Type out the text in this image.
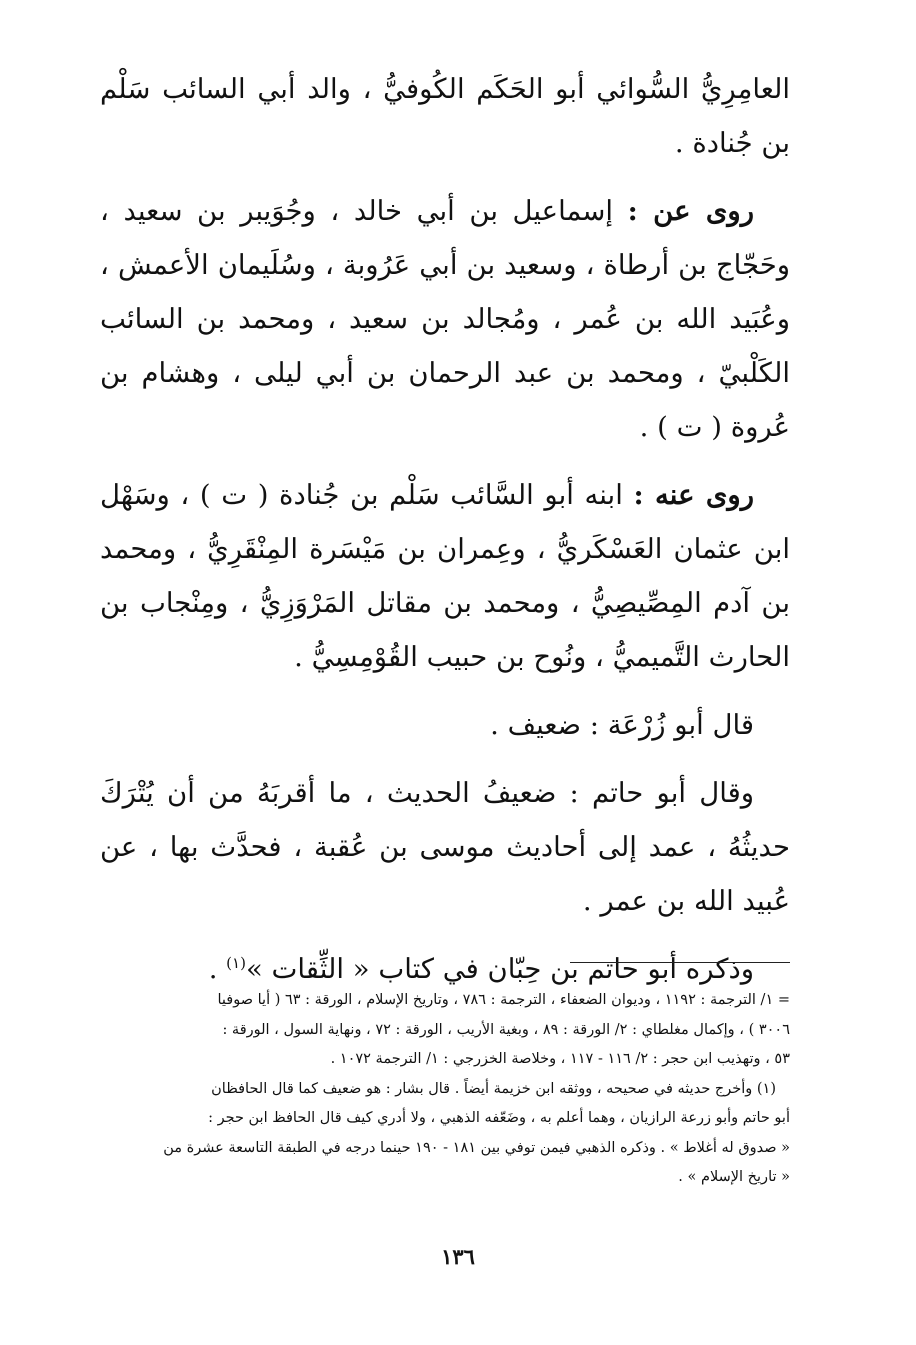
العامِرِيُّ السُّوائي أبو الحَكَم الكُوفيُّ ، والد أبي السائب سَلْم بن جُنادة .

روى عن : إسماعيل بن أبي خالد ، وجُوَيبر بن سعيد ، وحَجّاج بن أرطاة ، وسعيد بن أبي عَرُوبة ، وسُلَيمان الأعمش ، وعُبَيد الله بن عُمر ، ومُجالد بن سعيد ، ومحمد بن السائب الكَلْبيّ ، ومحمد بن عبد الرحمان بن أبي ليلى ، وهشام بن عُروة ( ت ) .

روى عنه : ابنه أبو السَّائب سَلْم بن جُنادة ( ت ) ، وسَهْل ابن عثمان العَسْكَريُّ ، وعِمران بن مَيْسَرة المِنْقَرِيُّ ، ومحمد بن آدم المِصِّيصِيُّ ، ومحمد بن مقاتل المَرْوَزِيُّ ، ومِنْجاب بن الحارث التَّميميُّ ، ونُوح بن حبيب القُوْمِسِيُّ .

قال أبو زُرْعَة : ضعيف .

وقال أبو حاتم : ضعيفُ الحديث ، ما أقربَهُ من أن يُتْرَكَ حديثُهُ ، عمد إلى أحاديث موسى بن عُقبة ، فحدَّث بها ، عن عُبيد الله بن عمر .

وذكره أبو حاتم بن حِبّان في كتاب « الثِّقات »$^{(١)}$ .

= ١/ الترجمة : ١١٩٢ ، وديوان الضعفاء ، الترجمة : ٧٨٦ ، وتاريخ الإسلام ، الورقة : ٦٣ ( أيا صوفيا
٣٠٠٦ ) ، وإكمال مغلطاي : ٢/ الورقة : ٨٩ ، وبغية الأريب ، الورقة : ٧٢ ، ونهاية السول ، الورقة :
٥٣ ، وتهذيب ابن حجر : ٢/ ١١٦ - ١١٧ ، وخلاصة الخزرجي : ١/ الترجمة ١٠٧٢ .
(١) وأخرج حديثه في صحيحه ، ووثقه ابن خزيمة أيضاً . قال بشار : هو ضعيف كما قال الحافظان
أبو حاتم وأبو زرعة الرازيان ، وهما أعلم به ، وضَعّفه الذهبي ، ولا أدري كيف قال الحافظ ابن حجر :
« صدوق له أغلاط » . وذكره الذهبي فيمن توفي بين ١٨١ - ١٩٠ حينما درجه في الطبقة التاسعة عشرة من
« تاريخ الإسلام » .
١٣٦
